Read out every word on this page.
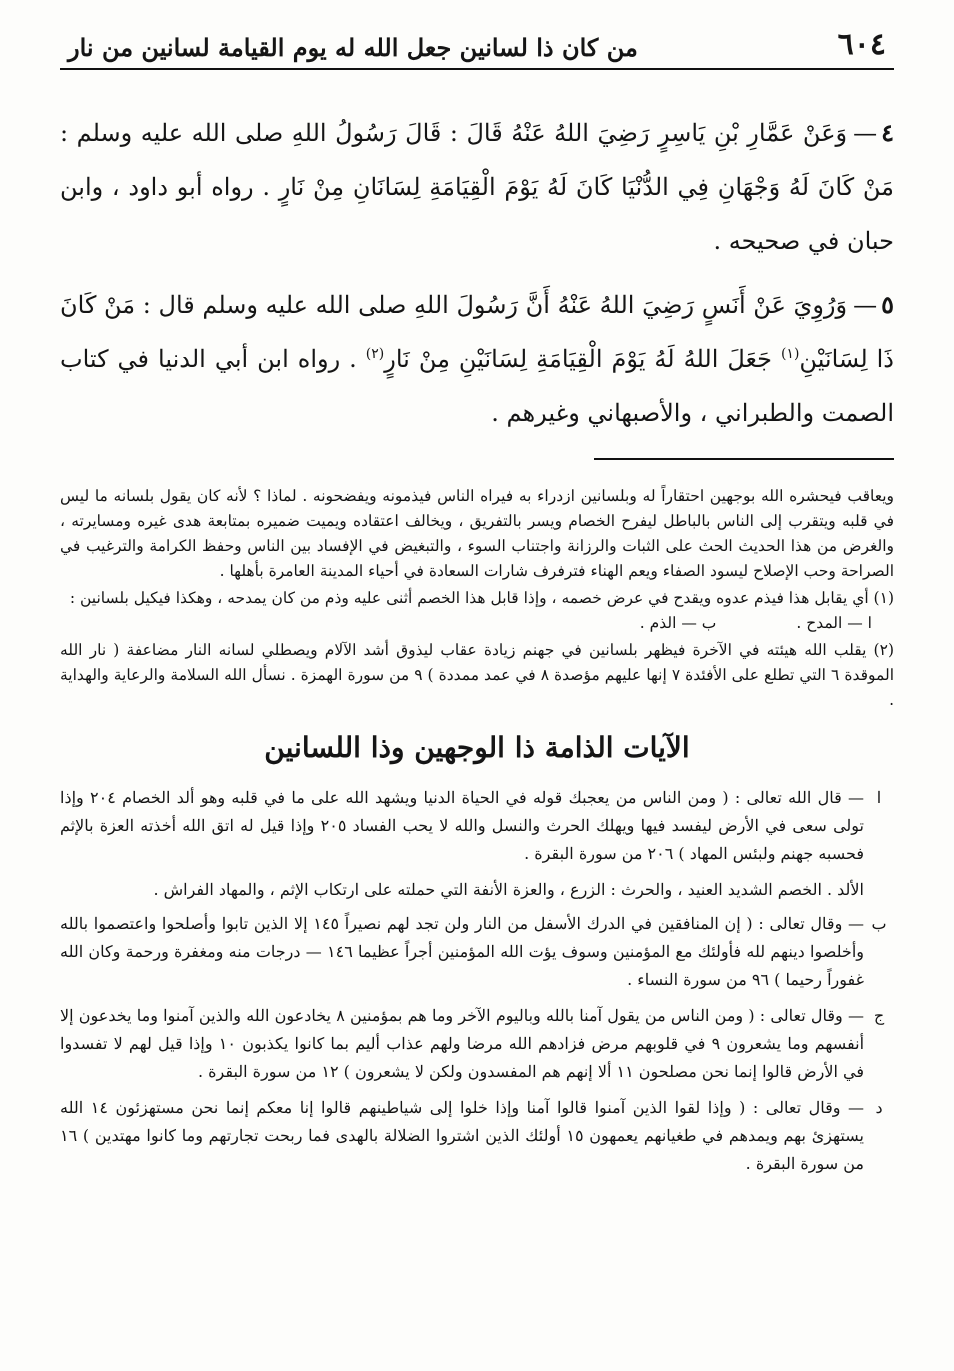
٦٠٤
من كان ذا لسانين جعل الله له يوم القيامة لسانين من نار

٤—وَعَنْ عَمَّارِ بْنِ يَاسِرٍ رَضِيَ اللهُ عَنْهُ قَالَ : قَالَ رَسُولُ اللهِ صلى الله عليه وسلم : مَنْ كَانَ لَهُ وَجْهَانِ فِي الدُّنْيَا كَانَ لَهُ يَوْمَ الْقِيَامَةِ لِسَانَانِ مِنْ نَارٍ . رواه أبو داود ، وابن حبان في صحيحه .

٥—وَرُوِيَ عَنْ أَنَسٍ رَضِيَ اللهُ عَنْهُ أَنَّ رَسُولَ اللهِ صلى الله عليه وسلم قال : مَنْ كَانَ ذَا لِسَانَيْنِ$^{(١)}$ جَعَلَ اللهُ لَهُ يَوْمَ الْقِيَامَةِ لِسَانَيْنِ مِنْ نَارٍ$^{(٢)}$ . رواه ابن أبي الدنيا في كتاب الصمت والطبراني ، والأصبهاني وغيرهم .

ويعاقب فيحشره الله بوجهين احتقاراً له وبلسانين ازدراء به فيراه الناس فيذمونه ويفضحونه . لماذا ؟ لأنه كان يقول بلسانه ما ليس في قلبه ويتقرب إلى الناس بالباطل ليفرح الخصام ويسر بالتفريق ، ويخالف اعتقاده ويميت ضميره بمتابعة هدى غيره ومسايرته ، والغرض من هذا الحديث الحث على الثبات والرزانة واجتناب السوء ، والتبغيض في الإفساد بين الناس وحفظ الكرامة والترغيب في الصراحة وحب الإصلاح ليسود الصفاء ويعم الهناء فترفرف شارات السعادة في أحياء المدينة العامرة بأهلها .

(١) أي يقابل هذا فيذم عدوه ويقدح في عرض خصمه ، وإذا قابل هذا الخصم أثنى عليه وذم من كان يمدحه ، وهكذا فيكيل بلسانين :

ا — المدح .
ب — الذم .

(٢) يقلب الله هيئته في الآخرة فيظهر بلسانين في جهنم زيادة عقاب ليذوق أشد الآلام ويصطلي لسانه النار مضاعفة ( نار الله الموقدة ٦ التي تطلع على الأفئدة ٧ إنها عليهم مؤصدة ٨ في عمد ممددة ) ٩ من سورة الهمزة . نسأل الله السلامة والرعاية والهداية .

الآيات الذامة ذا الوجهين وذا اللسانين
ا
— قال الله تعالى : ( ومن الناس من يعجبك قوله في الحياة الدنيا ويشهد الله على ما في قلبه وهو ألد الخصام ٢٠٤ وإذا تولى سعى في الأرض ليفسد فيها ويهلك الحرث والنسل والله لا يحب الفساد ٢٠٥ وإذا قيل له اتق الله أخذته العزة بالإثم فحسبه جهنم ولبئس المهاد ) ٢٠٦ من سورة البقرة .

الألد . الخصم الشديد العنيد ، والحرث : الزرع ، والعزة الأنفة التي حملته على ارتكاب الإثم ، والمهاد الفراش .

ب
— وقال تعالى : ( إن المنافقين في الدرك الأسفل من النار ولن تجد لهم نصيراً ١٤٥ إلا الذين تابوا وأصلحوا واعتصموا بالله وأخلصوا دينهم لله فأولئك مع المؤمنين وسوف يؤت الله المؤمنين أجراً عظيما ١٤٦ — درجات منه ومغفرة ورحمة وكان الله غفوراً رحيما ) ٩٦ من سورة النساء .
ج
— وقال تعالى : ( ومن الناس من يقول آمنا بالله وباليوم الآخر وما هم بمؤمنين ٨ يخادعون الله والذين آمنوا وما يخدعون إلا أنفسهم وما يشعرون ٩ في قلوبهم مرض فزادهم الله مرضا ولهم عذاب أليم بما كانوا يكذبون ١٠ وإذا قيل لهم لا تفسدوا في الأرض قالوا إنما نحن مصلحون ١١ ألا إنهم هم المفسدون ولكن لا يشعرون ) ١٢ من سورة البقرة .
د
— وقال تعالى : ( وإذا لقوا الذين آمنوا قالوا آمنا وإذا خلوا إلى شياطينهم قالوا إنا معكم إنما نحن مستهزئون ١٤ الله يستهزئ بهم ويمدهم في طغيانهم يعمهون ١٥ أولئك الذين اشتروا الضلالة بالهدى فما ربحت تجارتهم وما كانوا مهتدين ) ١٦ من سورة البقرة .
